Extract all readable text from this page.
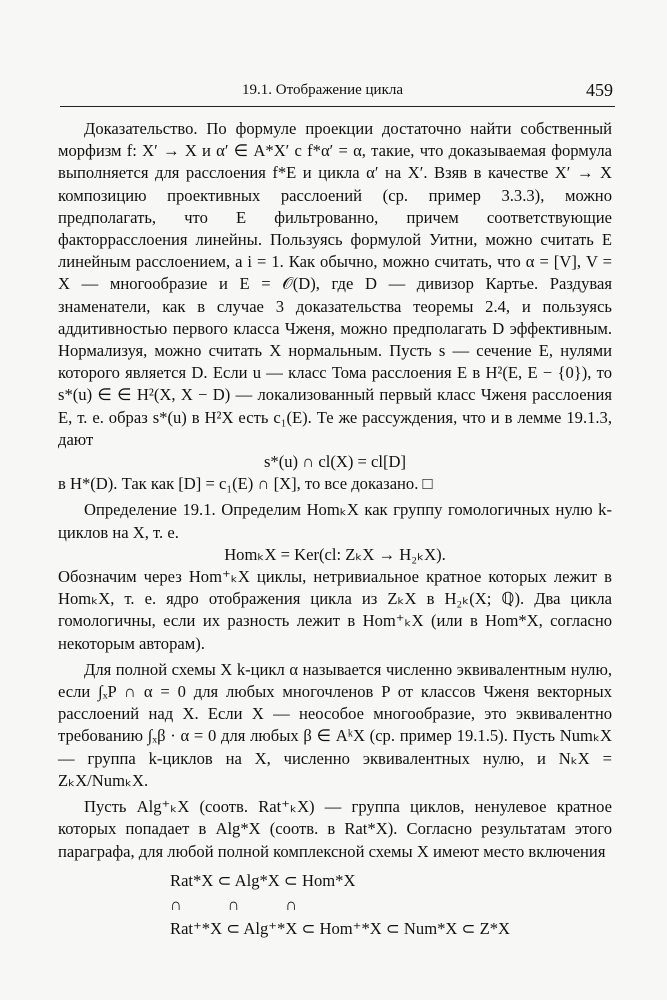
19.1. Отображение цикла	459

Доказательство. По формуле проекции достаточно найти собственный морфизм f: X′ → X и α′ ∈ A*X′ с f*α′ = α, такие, что доказываемая формула выполняется для расслоения f*E и цикла α′ на X′. Взяв в качестве X′ → X композицию проективных расслоений (ср. пример 3.3.3), можно предполагать, что E фильтрованно, причем соответствующие факторрасслоения линейны. Пользуясь формулой Уитни, можно считать E линейным расслоением, а i = 1. Как обычно, можно считать, что α = [V], V = X — многообразие и E = 𝒪(D), где D — дивизор Картье. Раздувая знаменатели, как в случае 3 доказательства теоремы 2.4, и пользуясь аддитивностью первого класса Чженя, можно предполагать D эффективным. Нормализуя, можно считать X нормальным. Пусть s — сечение E, нулями которого является D. Если u — класс Тома расслоения E в H²(E, E − {0}), то s*(u) ∈ ∈ H²(X, X − D) — локализованный первый класс Чженя расслоения E, т. е. образ s*(u) в H²X есть c₁(E). Те же рассуждения, что и в лемме 19.1.3, дают

s*(u) ∩ cl(X) = cl[D]

в H*(D). Так как [D] = c₁(E) ∩ [X], то все доказано. □

Определение 19.1. Определим HomₖX как группу гомологичных нулю k-циклов на X, т. е.

HomₖX = Ker(cl: ZₖX → H₂ₖX).

Обозначим через Hom⁺ₖX циклы, нетривиальное кратное которых лежит в HomₖX, т. е. ядро отображения цикла из ZₖX в H₂ₖ(X; ℚ). Два цикла гомологичны, если их разность лежит в Hom⁺ₖX (или в Hom*X, согласно некоторым авторам).

Для полной схемы X k-цикл α называется численно эквивалентным нулю, если ∫ₓP ∩ α = 0 для любых многочленов P от классов Чженя векторных расслоений над X. Если X — неособое многообразие, это эквивалентно требованию ∫ₓβ · α = 0 для любых β ∈ AᵏX (ср. пример 19.1.5). Пусть NumₖX — группа k-циклов на X, численно эквивалентных нулю, и NₖX = ZₖX/NumₖX.

Пусть Alg⁺ₖX (соотв. Rat⁺ₖX) — группа циклов, ненулевое кратное которых попадает в Alg*X (соотв. в Rat*X). Согласно результатам этого параграфа, для любой полной комплексной схемы X имеют место включения

Rat*X ⊂ Alg*X ⊂ Hom*X
∩           ∩           ∩
Rat⁺*X ⊂ Alg⁺*X ⊂ Hom⁺*X ⊂ Num*X ⊂ Z*X
